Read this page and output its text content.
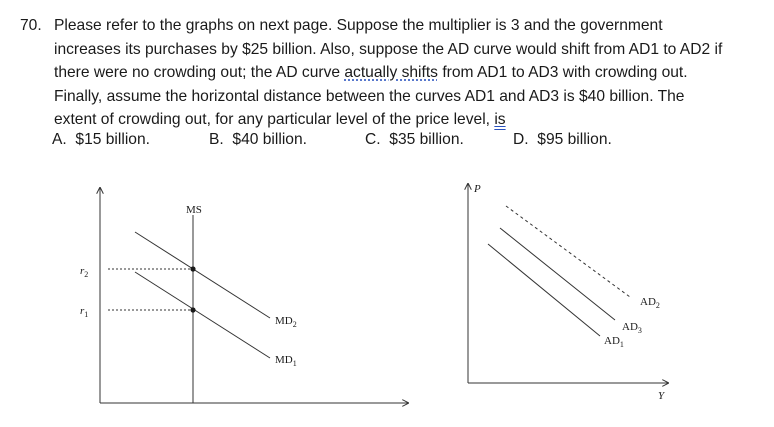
70. Please refer to the graphs on next page. Suppose the multiplier is 3 and the government
increases its purchases by $25 billion. Also, suppose the AD curve would shift from AD1 to AD2 if
there were no crowding out; the AD curve actually shifts from AD1 to AD3 with crowding out.
Finally, assume the horizontal distance between the curves AD1 and AD3 is $40 billion. The
extent of crowding out, for any particular level of the price level, is
A. $15 billion.	B. $40 billion.	C. $35 billion.	D. $95 billion.
MS
$r_2$
$r_1$
$MD_2$
$MD_1$
P
Y
$AD_2$
$AD_3$
$AD_1$
